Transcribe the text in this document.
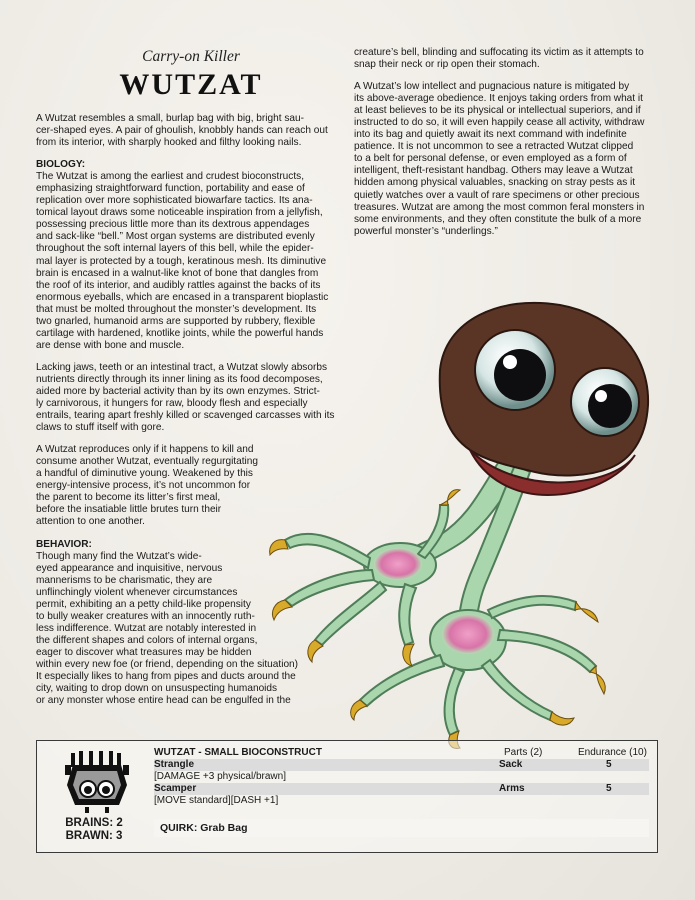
Carry-on Killer
WUTZAT

A Wutzat resembles a small, burlap bag with big, bright sau-
cer-shaped eyes. A pair of ghoulish, knobbly hands can reach out
from its interior, with sharply hooked and filthy looking nails.

BIOLOGY:

The Wutzat is among the earliest and crudest bioconstructs,
emphasizing straightforward function, portability and ease of
replication over more sophisticated biowarfare tactics. Its ana-
tomical layout draws some noticeable inspiration from a jellyfish,
possessing precious little more than its dextrous appendages
and sack-like “bell.” Most organ systems are distributed evenly
throughout the soft internal layers of this bell, while the epider-
mal layer is protected by a tough, keratinous mesh. Its diminutive
brain is encased in a walnut-like knot of bone that dangles from
the roof of its interior, and audibly rattles against the backs of its
enormous eyeballs, which are encased in a transparent bioplastic
that must be molted throughout the monster’s development. Its
two gnarled, humanoid arms are supported by rubbery, flexible
cartilage with hardened, knotlike joints, while the powerful hands
are dense with bone and muscle.

Lacking jaws, teeth or an intestinal tract, a Wutzat slowly absorbs
nutrients directly through its inner lining as its food decomposes,
aided more by bacterial activity than by its own enzymes. Strict-
ly carnivorous, it hungers for raw, bloody flesh and especially
entrails, tearing apart freshly killed or scavenged carcasses with its
claws to stuff itself with gore.

A Wutzat reproduces only if it happens to kill and
consume another Wutzat, eventually regurgitating
a handful of diminutive young. Weakened by this
energy-intensive process, it’s not uncommon for
the parent to become its litter’s first meal,
before the insatiable little brutes turn their
attention to one another.

BEHAVIOR:

Though many find the Wutzat’s wide-
eyed appearance and inquisitive, nervous
mannerisms to be charismatic, they are
unflinchingly violent whenever circumstances
permit, exhibiting an a petty child-like propensity
to bully weaker creatures with an innocently ruth-
less indifference. Wutzat are notably interested in
the different shapes and colors of internal organs,
eager to discover what treasures may be hidden
within every new foe (or friend, depending on the situation)
It especially likes to hang from pipes and ducts around the
city, waiting to drop down on unsuspecting humanoids
or any monster whose entire head can be engulfed in the

creature’s bell, blinding and suffocating its victim as it attempts to
snap their neck or rip open their stomach.

A Wutzat’s low intellect and pugnacious nature is mitigated by
its above-average obedience. It enjoys taking orders from what it
at least believes to be its physical or intellectual superiors, and if
instructed to do so, it will even happily cease all activity, withdraw
into its bag and quietly await its next command with indefinite
patience. It is not uncommon to see a retracted Wutzat clipped
to a belt for personal defense, or even employed as a form of
intelligent, theft-resistant handbag. Others may leave a Wutzat
hidden among physical valuables, snacking on stray pests as it
quietly watches over a vault of rare specimens or other precious
treasures. Wutzat are among the most common feral monsters in
some environments, and they often constitute the bulk of a more
powerful monster’s “underlings.”

BRAINS: 2
BRAWN: 3
WUTZAT - SMALL BIOCONSTRUCT	Parts (2)	Endurance (10)
Strangle	Sack	5
[DAMAGE +3 physical/brawn]
Scamper	Arms	5
[MOVE standard][DASH +1]
QUIRK: Grab Bag
